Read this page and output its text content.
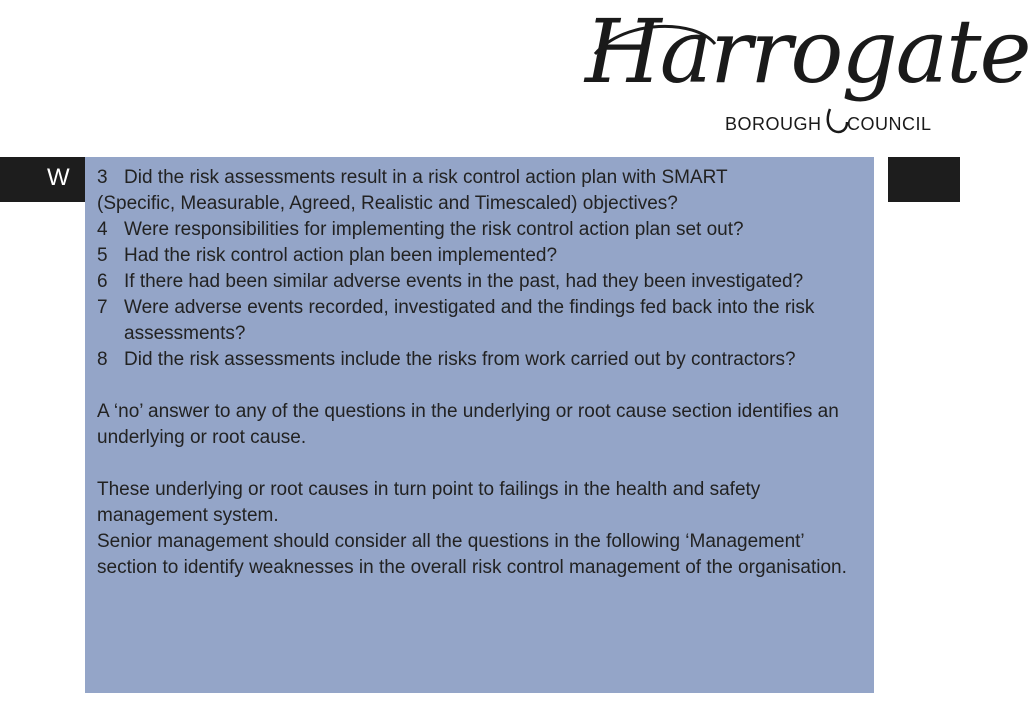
Harrogate
BOROUGH COUNCIL
W 3 Did the risk assessments result in a risk control action plan with SMART
(Specific, Measurable, Agreed, Realistic and Timescaled) objectives?
4 Were responsibilities for implementing the risk control action plan set out?
5 Had the risk control action plan been implemented?
6 If there had been similar adverse events in the past, had they been investigated?
7 Were adverse events recorded, investigated and the findings fed back into the risk assessments?
8 Did the risk assessments include the risks from work carried out by contractors?

A ‘no’ answer to any of the questions in the underlying or root cause section identifies an underlying or root cause.

These underlying or root causes in turn point to failings in the health and safety management system.

Senior management should consider all the questions in the following ‘Management’ section to identify weaknesses in the overall risk control management of the organisation.
